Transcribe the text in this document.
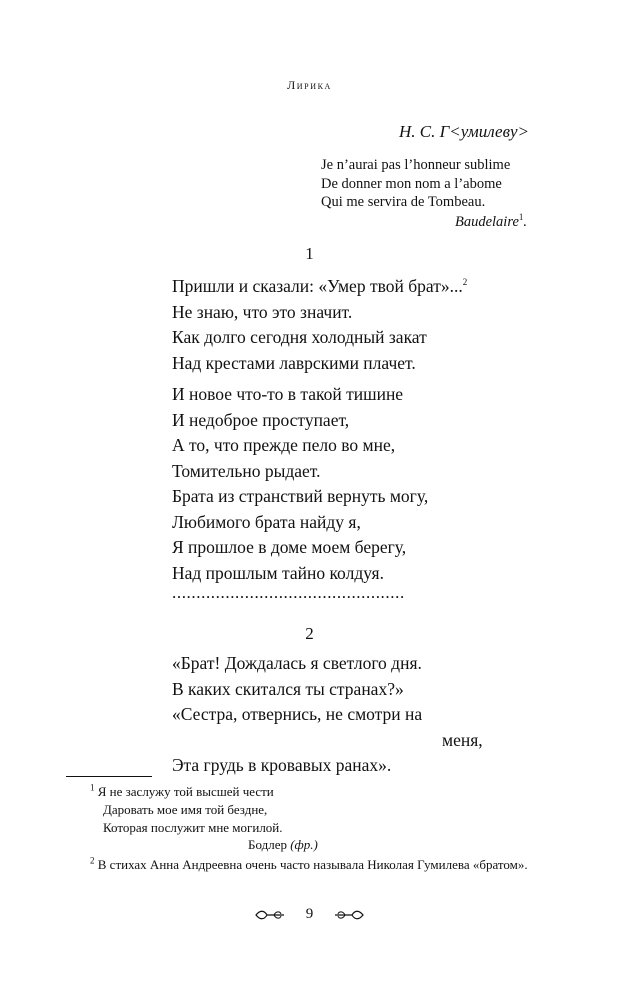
Лирика
Н. С. Г<умилеву>
Je n’aurai pas l’honneur sublime
De donner mon nom a l’abome
Qui me servira de Tombeau.
Baudelaire$^1$.
1
Пришли и сказали: «Умер твой брат»...$^2$
Не знаю, что это значит.
Как долго сегодня холодный закат
Над крестами лаврскими плачет.
И новое что-то в такой тишине
И недоброе проступает,
А то, что прежде пело во мне,
Томительно рыдает.
Брата из странствий вернуть могу,
Любимого брата найду я,
Я прошлое в доме моем берегу,
Над прошлым тайно колдуя.
................................................
2
«Брат! Дождалась я светлого дня.
В каких скитался ты странах?»
«Сестра, отвернись, не смотри на
меня,
Эта грудь в кровавых ранах».
$^1$ Я не заслужу той высшей чести
Даровать мое имя той бездне,
Которая послужит мне могилой.
Бодлер (фр.)
$^2$ В стихах Анна Андреевна очень часто называла Николая Гумилева «братом».
9
